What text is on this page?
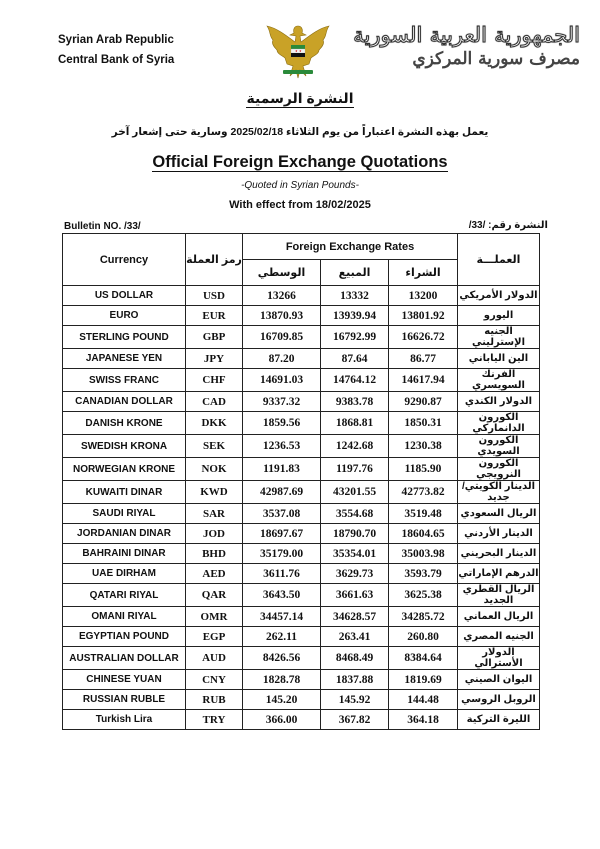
Syrian Arab Republic
Central Bank of Syria
★ ★
الجمهورية العربية السورية
مصرف سورية المركزي
النشرة الرسمية
يعمل بهذه النشرة اعتباراً من يوم الثلاثاء 2025/02/18 وسارية حتى إشعار آخر
Official Foreign Exchange Quotations
-Quoted in Syrian Pounds-
With effect from 18/02/2025
Bulletin NO. /33/	النشرة رقم: /33/
Currency	رمز العملة	Foreign Exchange Rates			العملـــة
		الوسطي	المبيع	الشراء	
US DOLLAR	USD	13266	13332	13200	الدولار الأمريكي
EURO	EUR	13870.93	13939.94	13801.92	اليورو
STERLING POUND	GBP	16709.85	16792.99	16626.72	الجنيه الإسترليني
JAPANESE YEN	JPY	87.20	87.64	86.77	الين الياباني
SWISS FRANC	CHF	14691.03	14764.12	14617.94	الفرنك السويسري
CANADIAN DOLLAR	CAD	9337.32	9383.78	9290.87	الدولار الكندي
DANISH KRONE	DKK	1859.56	1868.81	1850.31	الكورون الدانماركي
SWEDISH KRONA	SEK	1236.53	1242.68	1230.38	الكورون السويدي
NORWEGIAN KRONE	NOK	1191.83	1197.76	1185.90	الكورون النرويجي
KUWAITI DINAR	KWD	42987.69	43201.55	42773.82	الدينار الكويتي/ جديد
SAUDI RIYAL	SAR	3537.08	3554.68	3519.48	الريال السعودي
JORDANIAN DINAR	JOD	18697.67	18790.70	18604.65	الدينار الأردني
BAHRAINI DINAR	BHD	35179.00	35354.01	35003.98	الدينار البحريني
UAE DIRHAM	AED	3611.76	3629.73	3593.79	الدرهم الإماراتي
QATARI RIYAL	QAR	3643.50	3661.63	3625.38	الريال القطري الجديد
OMANI RIYAL	OMR	34457.14	34628.57	34285.72	الريال العماني
EGYPTIAN POUND	EGP	262.11	263.41	260.80	الجنيه المصري
AUSTRALIAN DOLLAR	AUD	8426.56	8468.49	8384.64	الدولار الأسترالي
CHINESE YUAN	CNY	1828.78	1837.88	1819.69	اليوان الصيني
RUSSIAN RUBLE	RUB	145.20	145.92	144.48	الروبل الروسي
Turkish Lira	TRY	366.00	367.82	364.18	الليرة التركية
